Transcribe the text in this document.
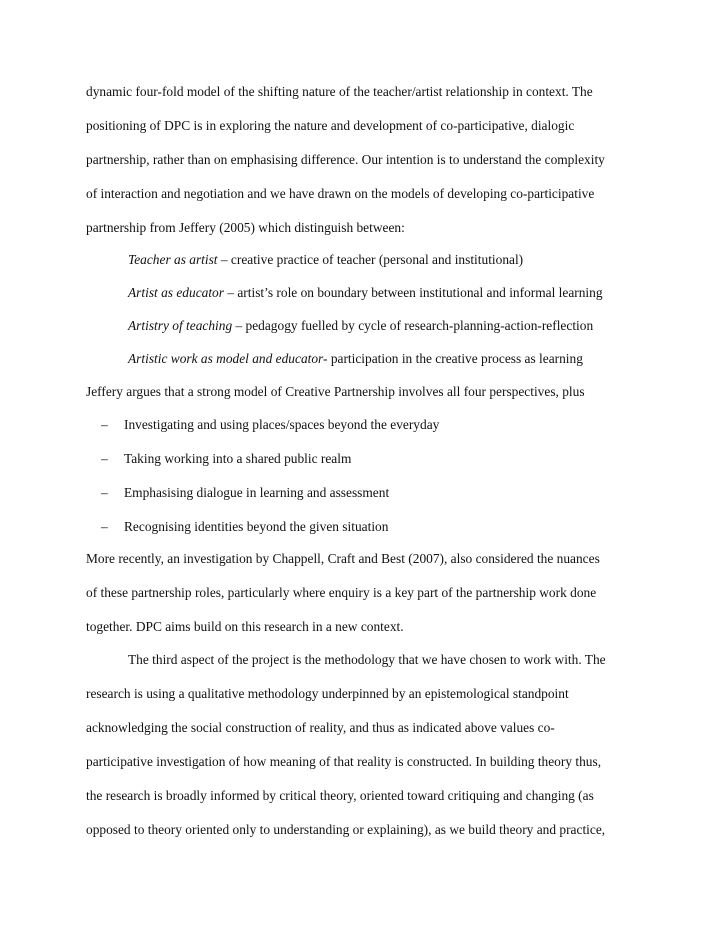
dynamic four-fold model of the shifting nature of the teacher/artist relationship in context. The
positioning of DPC is in exploring the nature and development of co-participative, dialogic
partnership, rather than on emphasising difference. Our intention is to understand the complexity
of interaction and negotiation and we have drawn on the models of developing co-participative
partnership from Jeffery (2005) which distinguish between:
Teacher as artist – creative practice of teacher (personal and institutional)
Artist as educator – artist’s role on boundary between institutional and informal learning
Artistry of teaching – pedagogy fuelled by cycle of research-planning-action-reflection
Artistic work as model and educator- participation in the creative process as learning
Jeffery argues that a strong model of Creative Partnership involves all four perspectives, plus
– Investigating and using places/spaces beyond the everyday
– Taking working into a shared public realm
– Emphasising dialogue in learning and assessment
– Recognising identities beyond the given situation
More recently, an investigation by Chappell, Craft and Best (2007), also considered the nuances
of these partnership roles, particularly where enquiry is a key part of the partnership work done
together. DPC aims build on this research in a new context.
The third aspect of the project is the methodology that we have chosen to work with. The
research is using a qualitative methodology underpinned by an epistemological standpoint
acknowledging the social construction of reality, and thus as indicated above values co-
participative investigation of how meaning of that reality is constructed. In building theory thus,
the research is broadly informed by critical theory, oriented toward critiquing and changing (as
opposed to theory oriented only to understanding or explaining), as we build theory and practice,
